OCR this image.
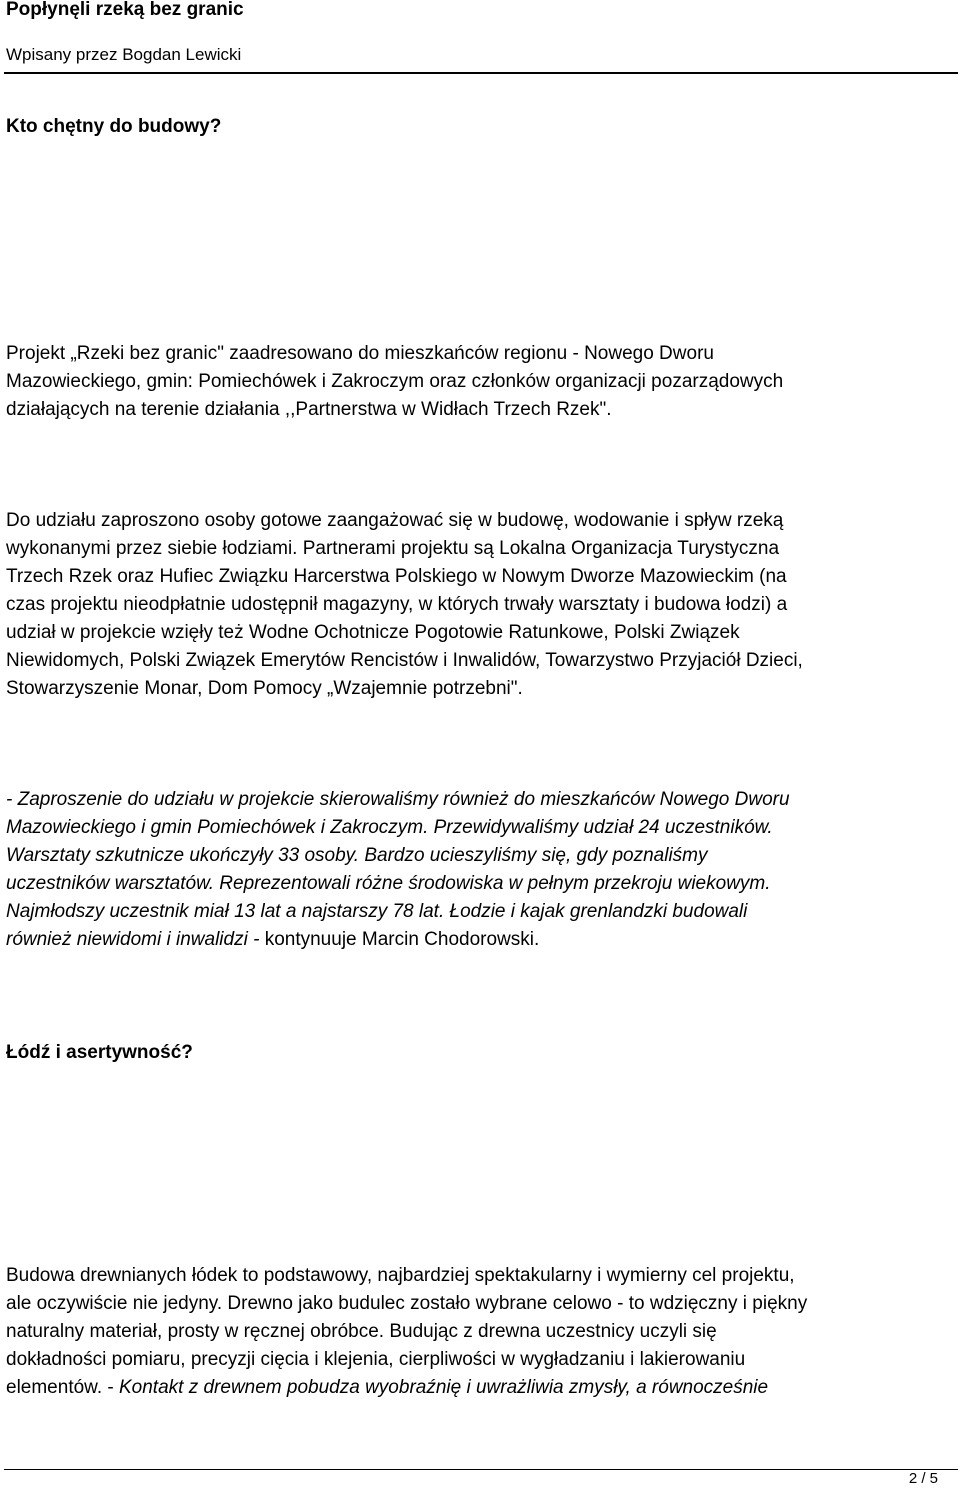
Popłynęli rzeką bez granic
Wpisany przez Bogdan Lewicki
Kto chętny do budowy?
Projekt „Rzeki bez granic" zaadresowano do mieszkańców regionu - Nowego Dworu
Mazowieckiego, gmin: Pomiechówek i Zakroczym oraz członków organizacji pozarządowych
działających na terenie działania ,,Partnerstwa w Widłach Trzech Rzek".
Do udziału zaproszono osoby gotowe zaangażować się w budowę, wodowanie i spływ rzeką
wykonanymi przez siebie łodziami. Partnerami projektu są Lokalna Organizacja Turystyczna
Trzech Rzek oraz Hufiec Związku Harcerstwa Polskiego w Nowym Dworze Mazowieckim (na
czas projektu nieodpłatnie udostępnił magazyny, w których trwały warsztaty i budowa łodzi) a
udział w projekcie wzięły też Wodne Ochotnicze Pogotowie Ratunkowe, Polski Związek
Niewidomych, Polski Związek Emerytów Rencistów i Inwalidów, Towarzystwo Przyjaciół Dzieci,
Stowarzyszenie Monar, Dom Pomocy „Wzajemnie potrzebni".
- Zaproszenie do udziału w projekcie skierowaliśmy również do mieszkańców Nowego Dworu
Mazowieckiego i gmin Pomiechówek i Zakroczym. Przewidywaliśmy udział 24 uczestników.
Warsztaty szkutnicze ukończyły 33 osoby. Bardzo ucieszyliśmy się, gdy poznaliśmy
uczestników warsztatów. Reprezentowali różne środowiska w pełnym przekroju wiekowym.
Najmłodszy uczestnik miał 13 lat a najstarszy 78 lat. Łodzie i kajak grenlandzki budowali
również niewidomi i inwalidzi - kontynuuje Marcin Chodorowski.
Łódź i asertywność?
Budowa drewnianych łódek to podstawowy, najbardziej spektakularny i wymierny cel projektu,
ale oczywiście nie jedyny. Drewno jako budulec zostało wybrane celowo - to wdzięczny i piękny
naturalny materiał, prosty w ręcznej obróbce. Budując z drewna uczestnicy uczyli się
dokładności pomiaru, precyzji cięcia i klejenia, cierpliwości w wygładzaniu i lakierowaniu
elementów. - Kontakt z drewnem pobudza wyobraźnię i uwrażliwia zmysły, a równocześnie
2 / 5
